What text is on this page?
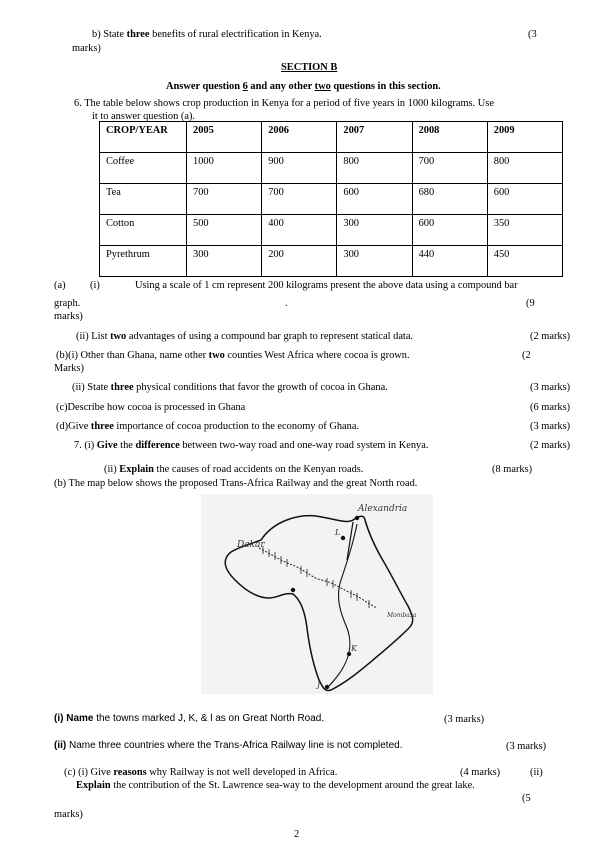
b) State three benefits of rural electrification in Kenya.	(3
marks)
SECTION B
Answer question 6 and any other two questions in this section.
6. The table below shows crop production in Kenya for a period of five years in 1000 kilograms. Use
it to answer question (a).
CROP/YEAR	2005	2006	2007	2008	2009
Coffee	1000	900	800	700	800
Tea	700	700	600	680	600
Cotton	500	400	300	600	350
Pyrethrum	300	200	300	440	450
(a) (i)	Using a scale of 1 cm represent 200 kilograms present the above data using a compound bar
graph.	.	(9
marks)
(ii) List two advantages of using a compound bar graph to represent statical data.	(2 marks)
(b)(i) Other than Ghana, name other two counties West Africa where cocoa is grown.	(2
Marks)
(ii) State three physical conditions that favor the growth of cocoa in Ghana.	(3 marks)
(c)Describe how cocoa is processed in Ghana	(6 marks)
(d)Give three importance of cocoa production to the economy of Ghana.	(3 marks)
7. (i) Give the difference between two-way road and one-way road system in Kenya.	(2 marks)
(ii) Explain the causes of road accidents on the Kenyan roads.	(8 marks)
(b) The map below shows the proposed Trans-Africa Railway and the great North road.
Dakar
Alexandria
Mombasa
L
K
J
(i) Name the towns marked J, K, & l as on Great North Road.	(3 marks)
(ii) Name three countries where the Trans-Africa Railway line is not completed.	(3 marks)
(c) (i) Give reasons why Railway is not well developed in Africa.	(4 marks)	(ii)
Explain the contribution of the St. Lawrence sea-way to the development around the great lake.
(5
marks)
2
